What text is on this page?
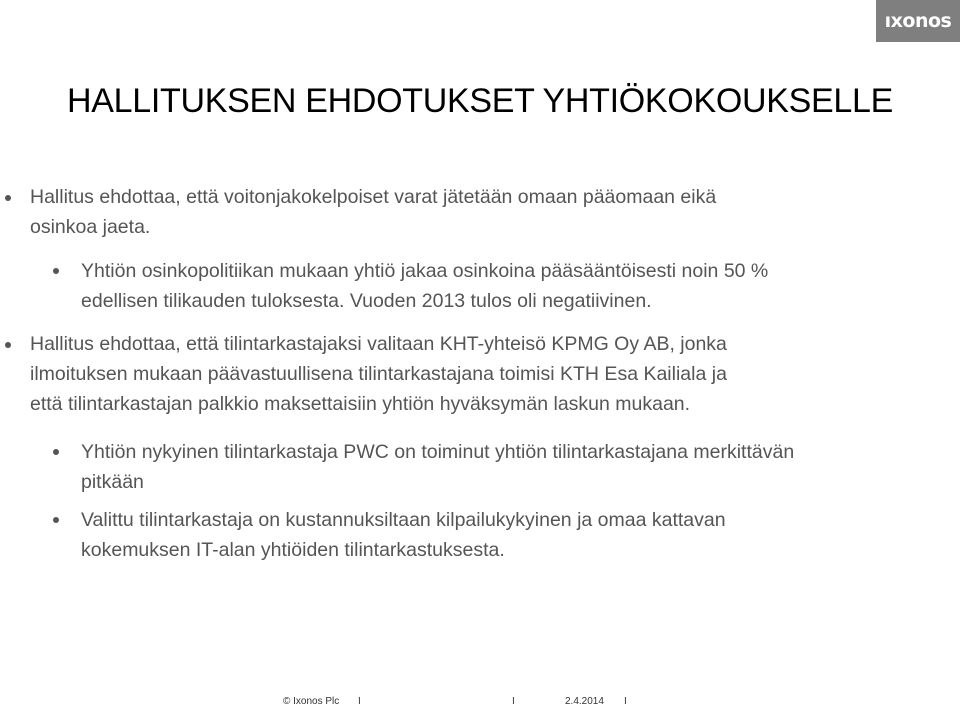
ıxonos
HALLITUKSEN EHDOTUKSET YHTIÖKOKOUKSELLE
Hallitus ehdottaa, että voitonjakokelpoiset varat jätetään omaan pääomaan eikä
osinkoa jaeta.
Yhtiön osinkopolitiikan mukaan yhtiö jakaa osinkoina pääsääntöisesti noin 50 %
edellisen tilikauden tuloksesta. Vuoden 2013 tulos oli negatiivinen.
Hallitus ehdottaa, että tilintarkastajaksi valitaan KHT-yhteisö KPMG Oy AB, jonka
ilmoituksen mukaan päävastuullisena tilintarkastajana toimisi KTH Esa Kailiala ja
että tilintarkastajan palkkio maksettaisiin yhtiön hyväksymän laskun mukaan.
Yhtiön nykyinen tilintarkastaja PWC on toiminut yhtiön tilintarkastajana merkittävän
pitkään
Valittu tilintarkastaja on kustannuksiltaan kilpailukykyinen ja omaa kattavan
kokemuksen IT-alan yhtiöiden tilintarkastuksesta.
© Ixonos Plc I	I	2.4.2014 I
